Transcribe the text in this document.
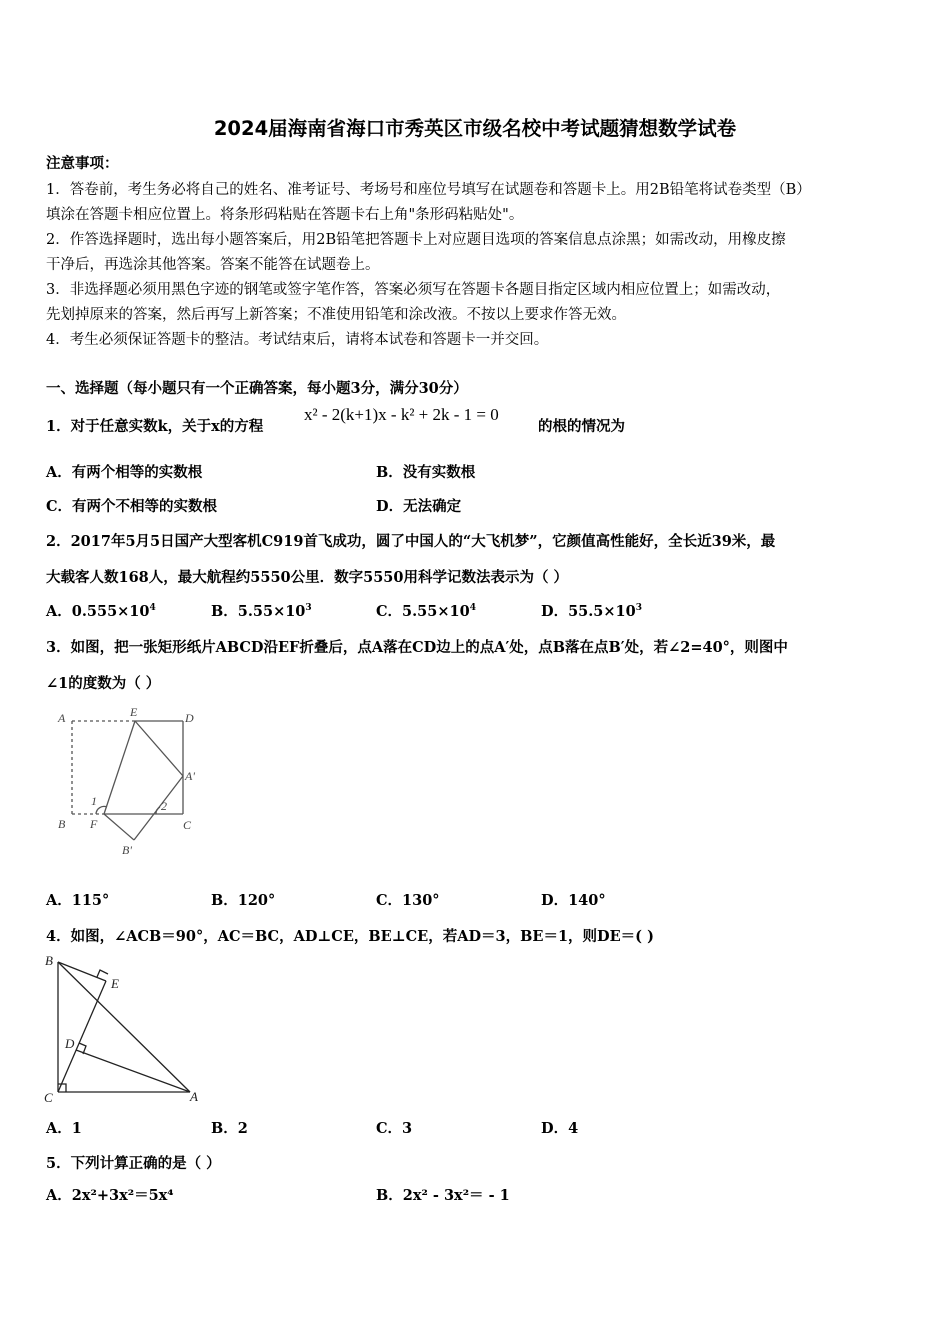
2024届海南省海口市秀英区市级名校中考试题猜想数学试卷
注意事项：
1．答卷前，考生务必将自己的姓名、准考证号、考场号和座位号填写在试题卷和答题卡上。用2B铅笔将试卷类型（B）
填涂在答题卡相应位置上。将条形码粘贴在答题卡右上角"条形码粘贴处"。
2．作答选择题时，选出每小题答案后，用2B铅笔把答题卡上对应题目选项的答案信息点涂黑；如需改动，用橡皮擦
干净后，再选涂其他答案。答案不能答在试题卷上。
3．非选择题必须用黑色字迹的钢笔或签字笔作答，答案必须写在答题卡各题目指定区域内相应位置上；如需改动，
先划掉原来的答案，然后再写上新答案；不准使用铅笔和涂改液。不按以上要求作答无效。
4．考生必须保证答题卡的整洁。考试结束后，请将本试卷和答题卡一并交回。
一、选择题（每小题只有一个正确答案，每小题3分，满分30分）
1．对于任意实数k，关于x的方程
x² - 2(k+1)x - k² + 2k - 1 = 0
的根的情况为
A．有两个相等的实数根	B．没有实数根
C．有两个不相等的实数根	D．无法确定
2．2017年5月5日国产大型客机C919首飞成功，圆了中国人的“大飞机梦”，它颜值高性能好，全长近39米，最
大载客人数168人，最大航程约5550公里．数字5550用科学记数法表示为（ ）
A．$0.555\times 10^4$	B．$5.55\times 10^3$	C．$5.55\times 10^4$	D．$55.5\times 10^3$
3．如图，把一张矩形纸片ABCD沿EF折叠后，点A落在CD边上的点A′处，点B落在点B′处，若∠2=40°，则图中
∠1的度数为（ ）
A	E	D
A'
1	2
B F	C
B'
A．115°	B．120°	C．130°	D．140°
4．如图，∠ACB＝90°，AC＝BC，AD⊥CE，BE⊥CE，若AD＝3，BE＝1，则DE＝( )
B
E
D
C	A
A．1	B．2	C．3	D．4
5．下列计算正确的是（ ）
A．2x²+3x²＝5x⁴	B．2x² - 3x²＝ - 1
